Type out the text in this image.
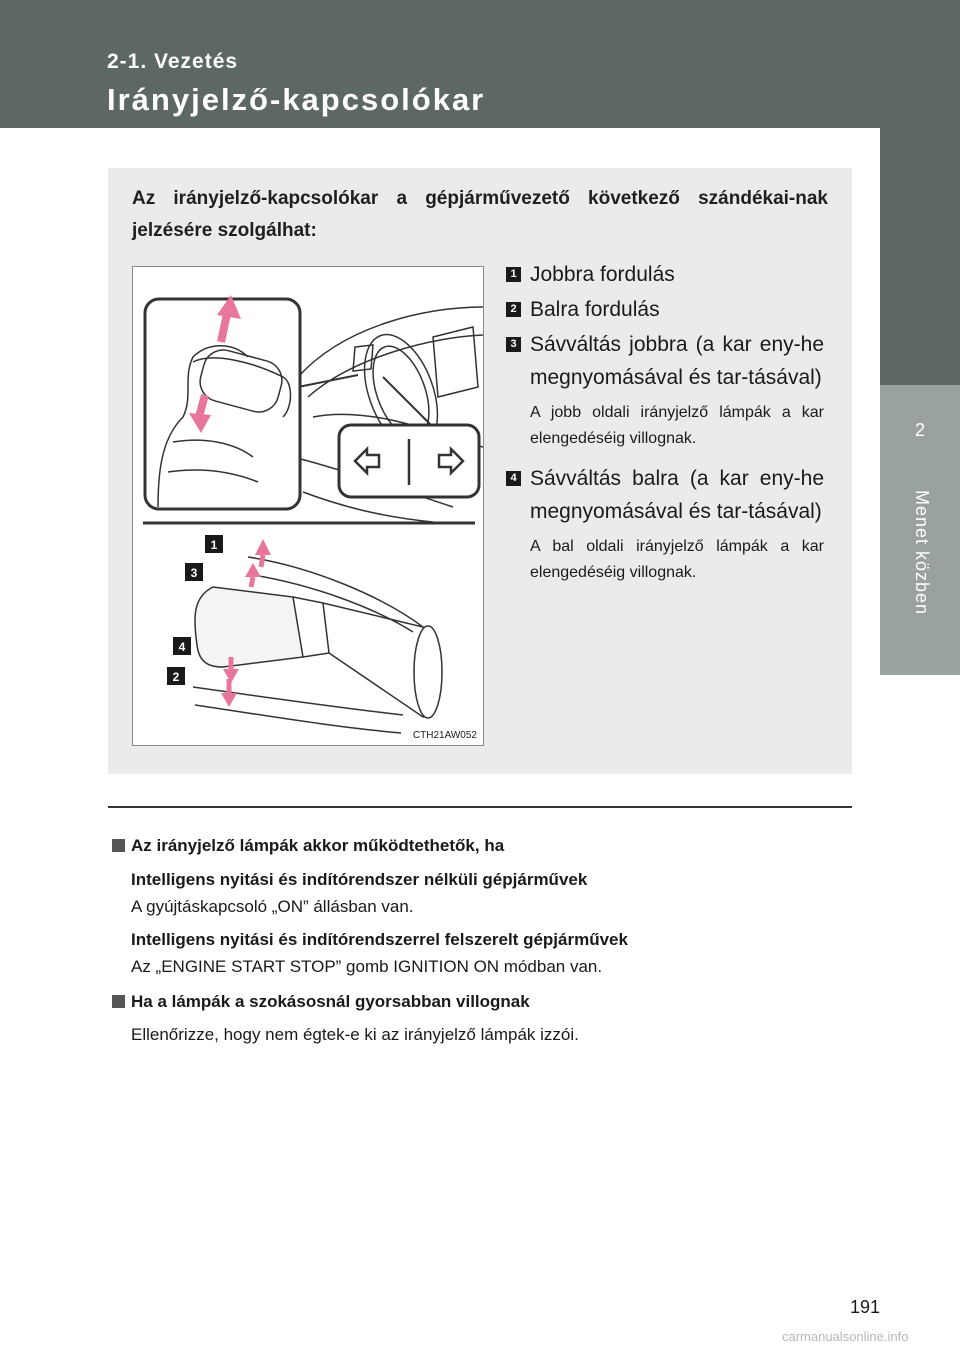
2-1. Vezetés
Irányjelző-kapcsolókar
2
Menet közben
Az irányjelző-kapcsolókar a gépjárművezető következő szándékai-nak jelzésére szolgálhat:
1
3
4
2
CTH21AW052
1 Jobbra fordulás
2 Balra fordulás
3 Sávváltás jobbra (a kar eny-he megnyomásával és tar-tásával)
A jobb oldali irányjelző lámpák a kar elengedéséig villognak.
4 Sávváltás balra (a kar eny-he megnyomásával és tar-tásával)
A bal oldali irányjelző lámpák a kar elengedéséig villognak.
Az irányjelző lámpák akkor működtethetők, ha
Intelligens nyitási és indítórendszer nélküli gépjárművek
A gyújtáskapcsoló „ON” állásban van.
Intelligens nyitási és indítórendszerrel felszerelt gépjárművek
Az „ENGINE START STOP” gomb IGNITION ON módban van.
Ha a lámpák a szokásosnál gyorsabban villognak
Ellenőrizze, hogy nem égtek-e ki az irányjelző lámpák izzói.
191
carmanualsonline.info
